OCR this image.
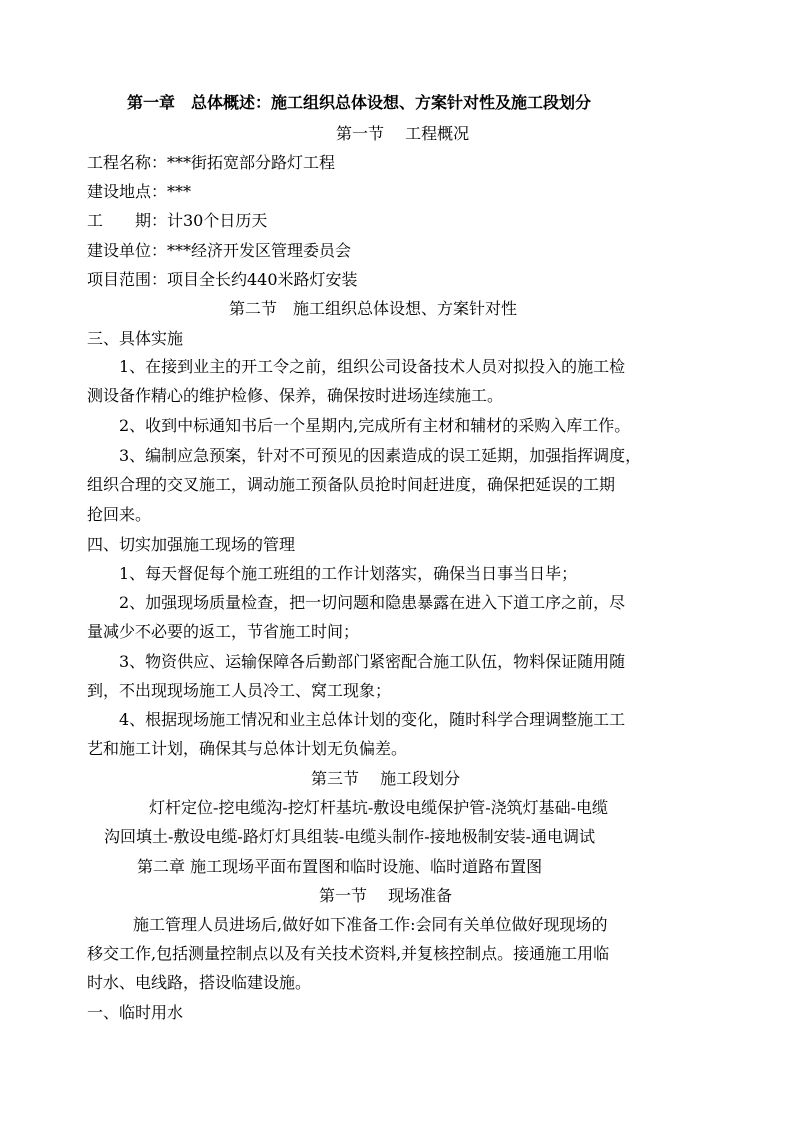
第一章　总体概述：施工组织总体设想、方案针对性及施工段划分
第一节　 工程概况
工程名称：***街拓宽部分路灯工程
建设地点：***
工　　期：计30个日历天
建设单位：***经济开发区管理委员会
项目范围：项目全长约440米路灯安装
第二节　施工组织总体设想、方案针对性
三、具体实施
1、在接到业主的开工令之前，组织公司设备技术人员对拟投入的施工检
测设备作精心的维护检修、保养，确保按时进场连续施工。
2、收到中标通知书后一个星期内,完成所有主材和辅材的采购入库工作。
3、编制应急预案，针对不可预见的因素造成的误工延期，加强指挥调度，
组织合理的交叉施工，调动施工预备队员抢时间赶进度，确保把延误的工期
抢回来。
四、切实加强施工现场的管理
1、每天督促每个施工班组的工作计划落实，确保当日事当日毕；
2、加强现场质量检查，把一切问题和隐患暴露在进入下道工序之前，尽
量减少不必要的返工，节省施工时间；
3、物资供应、运输保障各后勤部门紧密配合施工队伍，物料保证随用随
到，不出现现场施工人员冷工、窝工现象；
4、根据现场施工情况和业主总体计划的变化，随时科学合理调整施工工
艺和施工计划，确保其与总体计划无负偏差。
第三节　 施工段划分
灯杆定位-挖电缆沟-挖灯杆基坑-敷设电缆保护管-浇筑灯基础-电缆
沟回填土-敷设电缆-路灯灯具组装-电缆头制作-接地极制安装-通电调试
第二章 施工现场平面布置图和临时设施、临时道路布置图
第一节　 现场准备
施工管理人员进场后,做好如下准备工作:会同有关单位做好现现场的
移交工作,包括测量控制点以及有关技术资料,并复核控制点。接通施工用临
时水、电线路，搭设临建设施。
一、临时用水
